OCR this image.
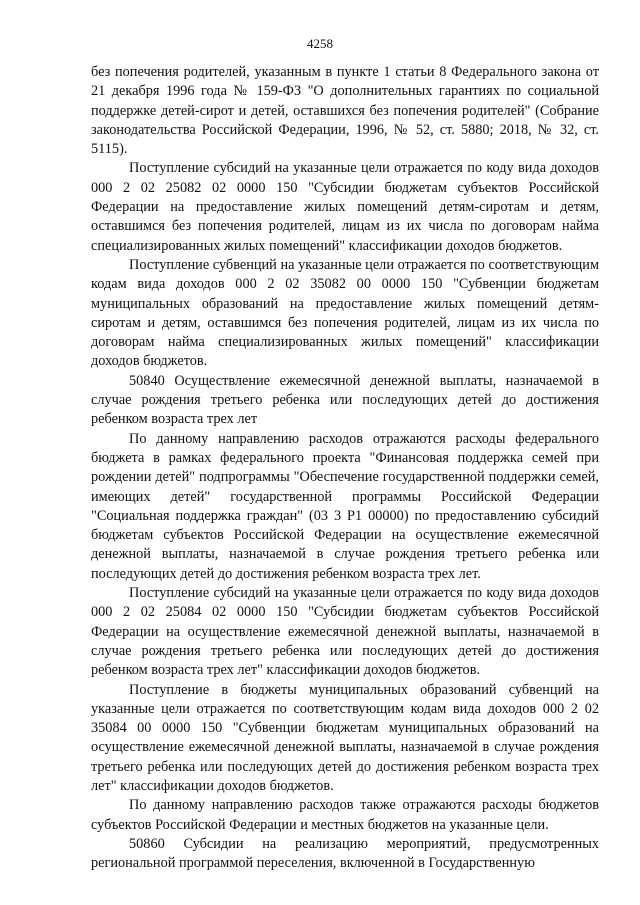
4258

без попечения родителей, указанным в пункте 1 статьи 8 Федерального закона от 21 декабря 1996 года № 159-ФЗ "О дополнительных гарантиях по социальной поддержке детей-сирот и детей, оставшихся без попечения родителей" (Собрание законодательства Российской Федерации, 1996, № 52, ст. 5880; 2018, № 32, ст. 5115).

Поступление субсидий на указанные цели отражается по коду вида доходов 000 2 02 25082 02 0000 150 "Субсидии бюджетам субъектов Российской Федерации на предоставление жилых помещений детям-сиротам и детям, оставшимся без попечения родителей, лицам из их числа по договорам найма специализированных жилых помещений" классификации доходов бюджетов.

Поступление субвенций на указанные цели отражается по соответствующим кодам вида доходов 000 2 02 35082 00 0000 150 "Субвенции бюджетам муниципальных образований на предоставление жилых помещений детям-сиротам и детям, оставшимся без попечения родителей, лицам из их числа по договорам найма специализированных жилых помещений" классификации доходов бюджетов.

50840 Осуществление ежемесячной денежной выплаты, назначаемой в случае рождения третьего ребенка или последующих детей до достижения ребенком возраста трех лет

По данному направлению расходов отражаются расходы федерального бюджета в рамках федерального проекта "Финансовая поддержка семей при рождении детей" подпрограммы "Обеспечение государственной поддержки семей, имеющих детей" государственной программы Российской Федерации "Социальная поддержка граждан" (03 3 P1 00000) по предоставлению субсидий бюджетам субъектов Российской Федерации на осуществление ежемесячной денежной выплаты, назначаемой в случае рождения третьего ребенка или последующих детей до достижения ребенком возраста трех лет.

Поступление субсидий на указанные цели отражается по коду вида доходов 000 2 02 25084 02 0000 150 "Субсидии бюджетам субъектов Российской Федерации на осуществление ежемесячной денежной выплаты, назначаемой в случае рождения третьего ребенка или последующих детей до достижения ребенком возраста трех лет" классификации доходов бюджетов.

Поступление в бюджеты муниципальных образований субвенций на указанные цели отражается по соответствующим кодам вида доходов 000 2 02 35084 00 0000 150 "Субвенции бюджетам муниципальных образований на осуществление ежемесячной денежной выплаты, назначаемой в случае рождения третьего ребенка или последующих детей до достижения ребенком возраста трех лет" классификации доходов бюджетов.

По данному направлению расходов также отражаются расходы бюджетов субъектов Российской Федерации и местных бюджетов на указанные цели.

50860 Субсидии на реализацию мероприятий, предусмотренных региональной программой переселения, включенной в Государственную
